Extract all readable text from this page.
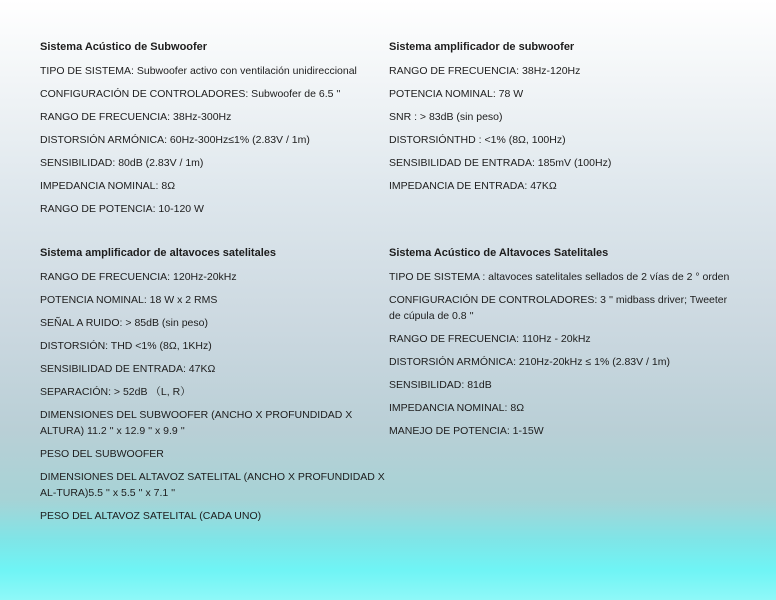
Sistema Acústico de Subwoofer
TIPO DE SISTEMA: Subwoofer activo con ventilación unidireccional
CONFIGURACIÓN DE CONTROLADORES: Subwoofer de 6.5 ''
RANGO DE FRECUENCIA: 38Hz-300Hz
DISTORSIÓN ARMÓNICA: 60Hz-300Hz≤1% (2.83V / 1m)
SENSIBILIDAD: 80dB (2.83V / 1m)
IMPEDANCIA NOMINAL: 8Ω
RANGO DE POTENCIA: 10-120 W
Sistema amplificador de subwoofer
RANGO DE FRECUENCIA: 38Hz-120Hz
POTENCIA NOMINAL: 78 W
SNR : > 83dB (sin peso)
DISTORSIÓNTHD : <1% (8Ω, 100Hz)
SENSIBILIDAD DE ENTRADA: 185mV (100Hz)
IMPEDANCIA DE ENTRADA: 47KΩ
Sistema amplificador de altavoces satelitales
RANGO DE FRECUENCIA: 120Hz-20kHz
POTENCIA NOMINAL: 18 W x 2 RMS
SEÑAL A RUIDO: > 85dB (sin peso)
DISTORSIÓN: THD <1% (8Ω, 1KHz)
SENSIBILIDAD DE ENTRADA: 47KΩ
SEPARACIÓN: > 52dB （L, R）
DIMENSIONES DEL SUBWOOFER (ANCHO X PROFUNDIDAD X ALTURA) 11.2 '' x 12.9 '' x 9.9 ''
PESO DEL SUBWOOFER
DIMENSIONES DEL ALTAVOZ SATELITAL (ANCHO X PROFUNDIDAD X AL-TURA)5.5 '' x 5.5 '' x 7.1 ''
PESO DEL ALTAVOZ SATELITAL (CADA UNO)
Sistema Acústico de Altavoces Satelitales
TIPO DE SISTEMA : altavoces satelitales sellados de 2 vías de 2 ° orden
CONFIGURACIÓN DE CONTROLADORES: 3 '' midbass driver; Tweeter de cúpula de 0.8 ''
RANGO DE FRECUENCIA: 110Hz - 20kHz
DISTORSIÓN ARMÓNICA: 210Hz-20kHz ≤ 1% (2.83V / 1m)
SENSIBILIDAD: 81dB
IMPEDANCIA NOMINAL: 8Ω
MANEJO DE POTENCIA: 1-15W
